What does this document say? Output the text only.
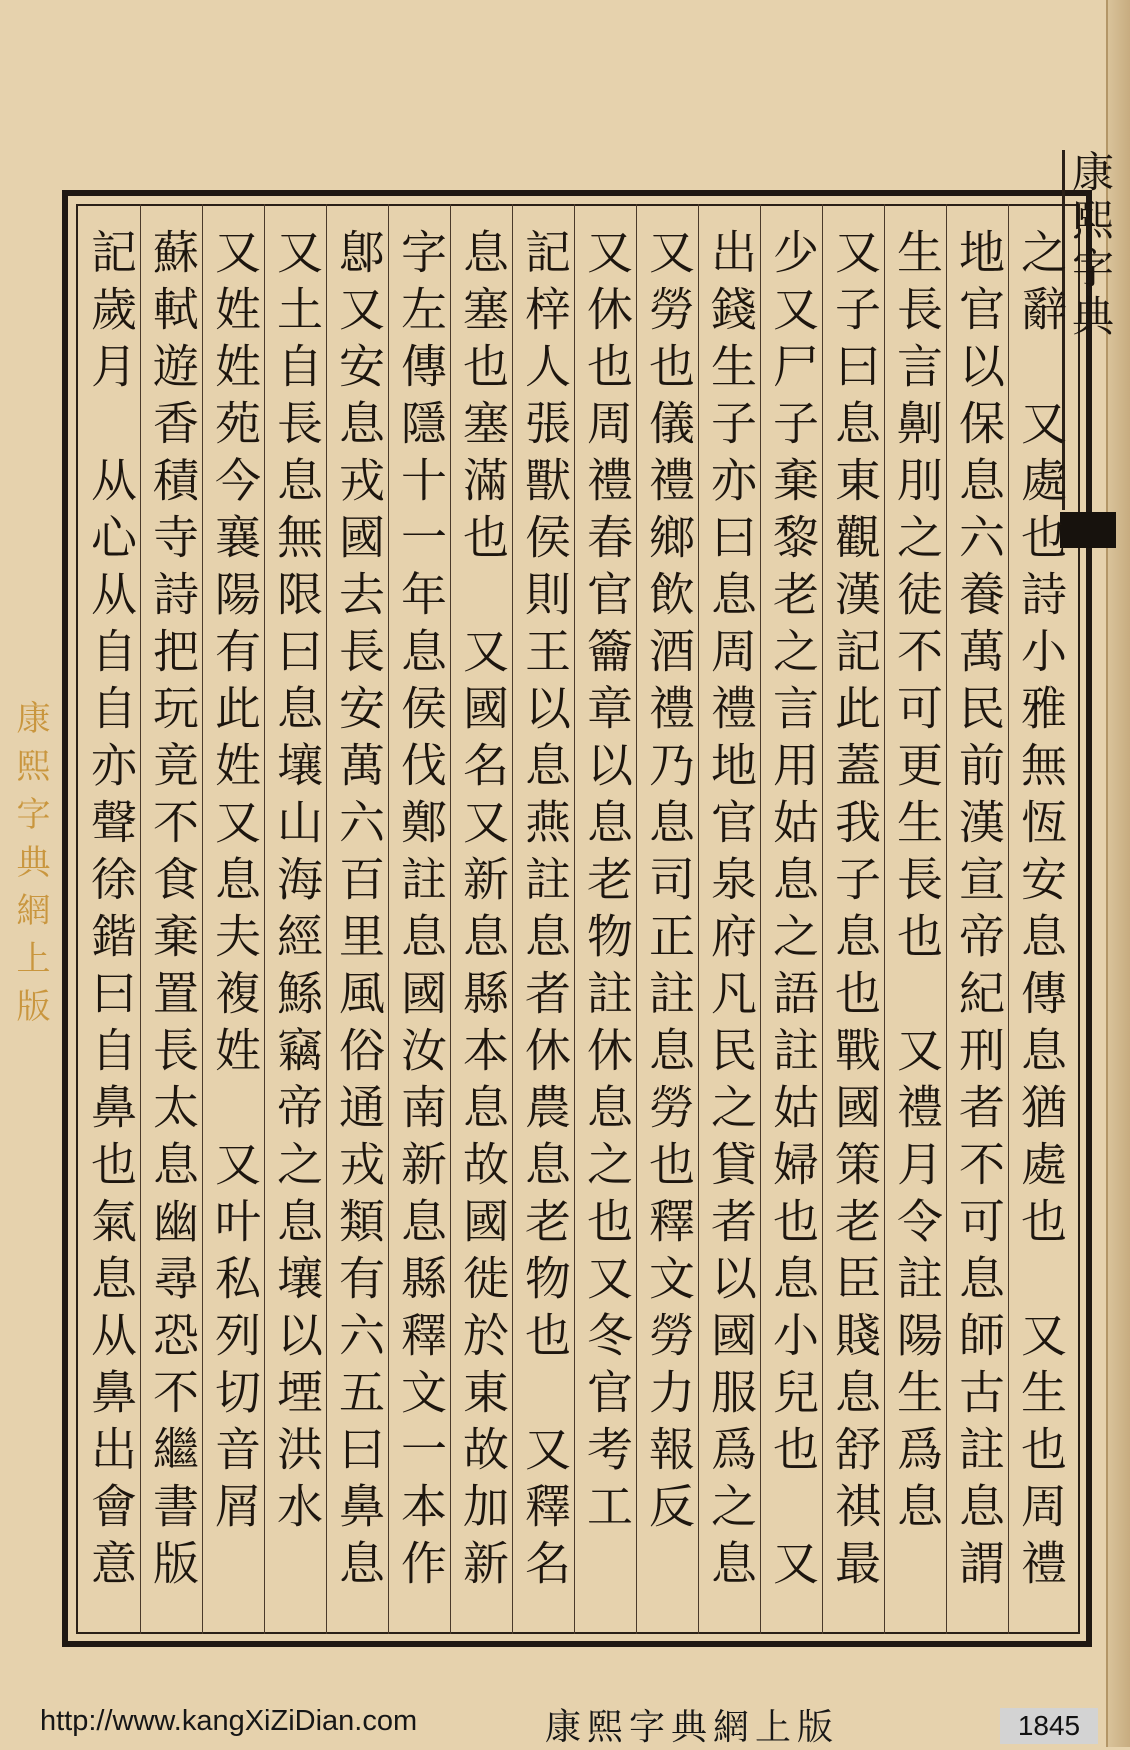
康熙字典
康熙字典網上版	之辭　又處也詩小雅無恆安息傳息猶處也　又生也周禮
地官以保息六養萬民前漢宣帝紀刑者不可息師古註息謂
生長言劓刖之徒不可更生長也　又禮月令註陽生爲息
又子曰息東觀漢記此蓋我子息也戰國策老臣賤息舒祺最
少又尸子棄黎老之言用姑息之語註姑婦也息小兒也　又
出錢生子亦曰息周禮地官泉府凡民之貸者以國服爲之息
又勞也儀禮鄉飲酒禮乃息司正註息勞也釋文勞力報反
又休也周禮春官籥章以息老物註休息之也又冬官考工
記梓人張獸侯則王以息燕註息者休農息老物也　又釋名
息塞也塞滿也　又國名又新息縣本息故國徙於東故加新
字左傳隱十一年息侯伐鄭註息國汝南新息縣釋文一本作
鄎又安息戎國去長安萬六百里風俗通戎類有六五曰鼻息
又土自長息無限曰息壤山海經鯀竊帝之息壤以堙洪水
又姓姓苑今襄陽有此姓又息夫複姓　又叶私列切音屑
蘇軾遊香積寺詩把玩竟不食棄置長太息幽尋恐不繼書版
記歲月　从心从自自亦聲徐鍇曰自鼻也氣息从鼻出會意
http://www.kangXiZiDian.com	康熙字典網上版	1845
